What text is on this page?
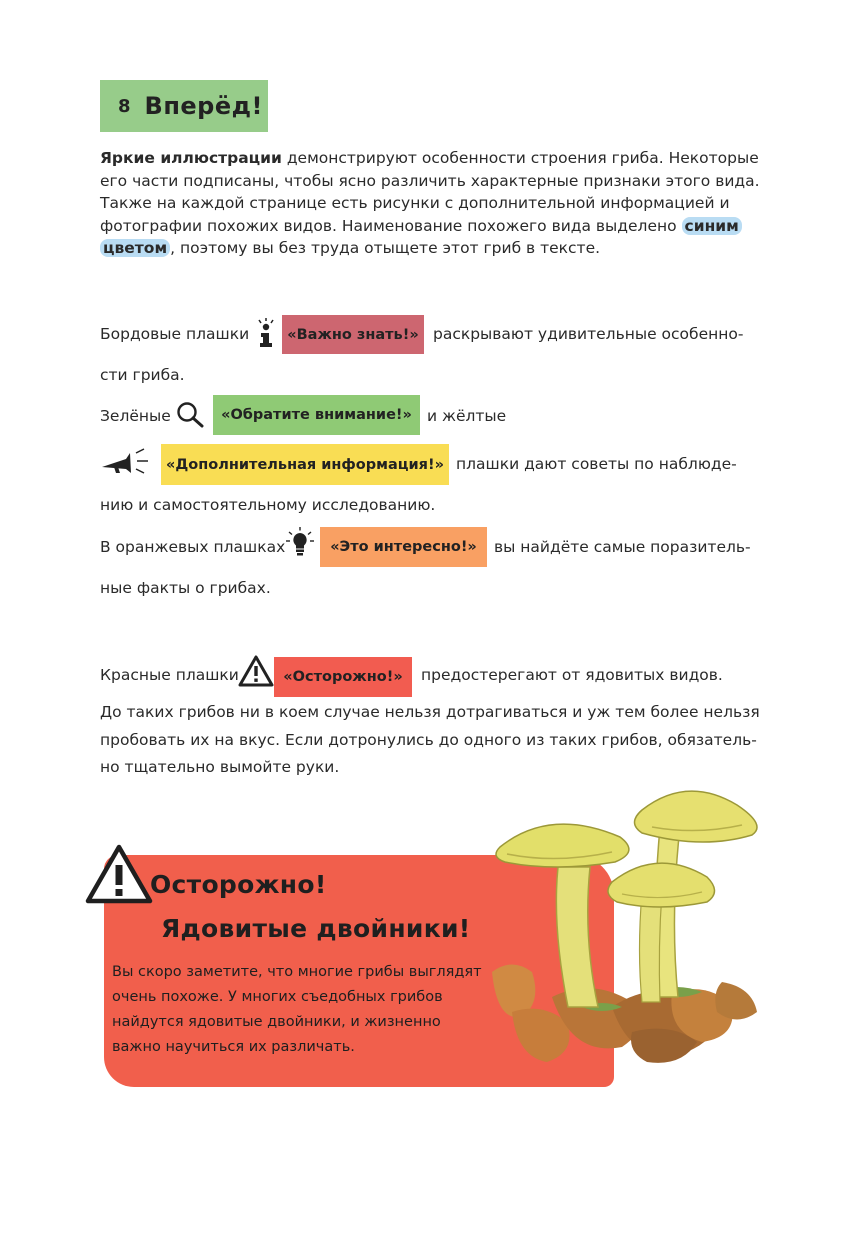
8 Вперёд!

Яркие иллюстрации демонстрируют особенности строения гриба. Некоторые его части подписаны, чтобы ясно различить характерные признаки этого вида. Также на каждой странице есть рисунки с дополнительной информацией и фотографии похожих видов. Наименование похожего вида выделено синим
цветом , поэтому вы без труда отыщете этот гриб в тексте.

Бордовые плашки	«Важно знать!» раскрывают удивительные особенно-
сти гриба.
Зелёные	«Обратите внимание!» и жёлтые
«Дополнительная информация!» плашки дают советы по наблюде-
нию и самостоятельному исследованию.
В оранжевых плашках	«Это интересно!»	вы найдёте самые поразитель-
ные факты о грибах.
Красные плашки	«Осторожно!»	предостерегают от ядовитых видов.
До таких грибов ни в коем случае нельзя дотрагиваться и уж тем более нельзя
пробовать их на вкус. Если дотронулись до одного из таких грибов, обязатель-
но тщательно вымойте руки.
Осторожно!
Ядовитые двойники!
Вы скоро заметите, что многие грибы выглядят очень похоже. У многих съедобных грибов найдутся ядовитые двойники, и жизненно важно научиться их различать.
